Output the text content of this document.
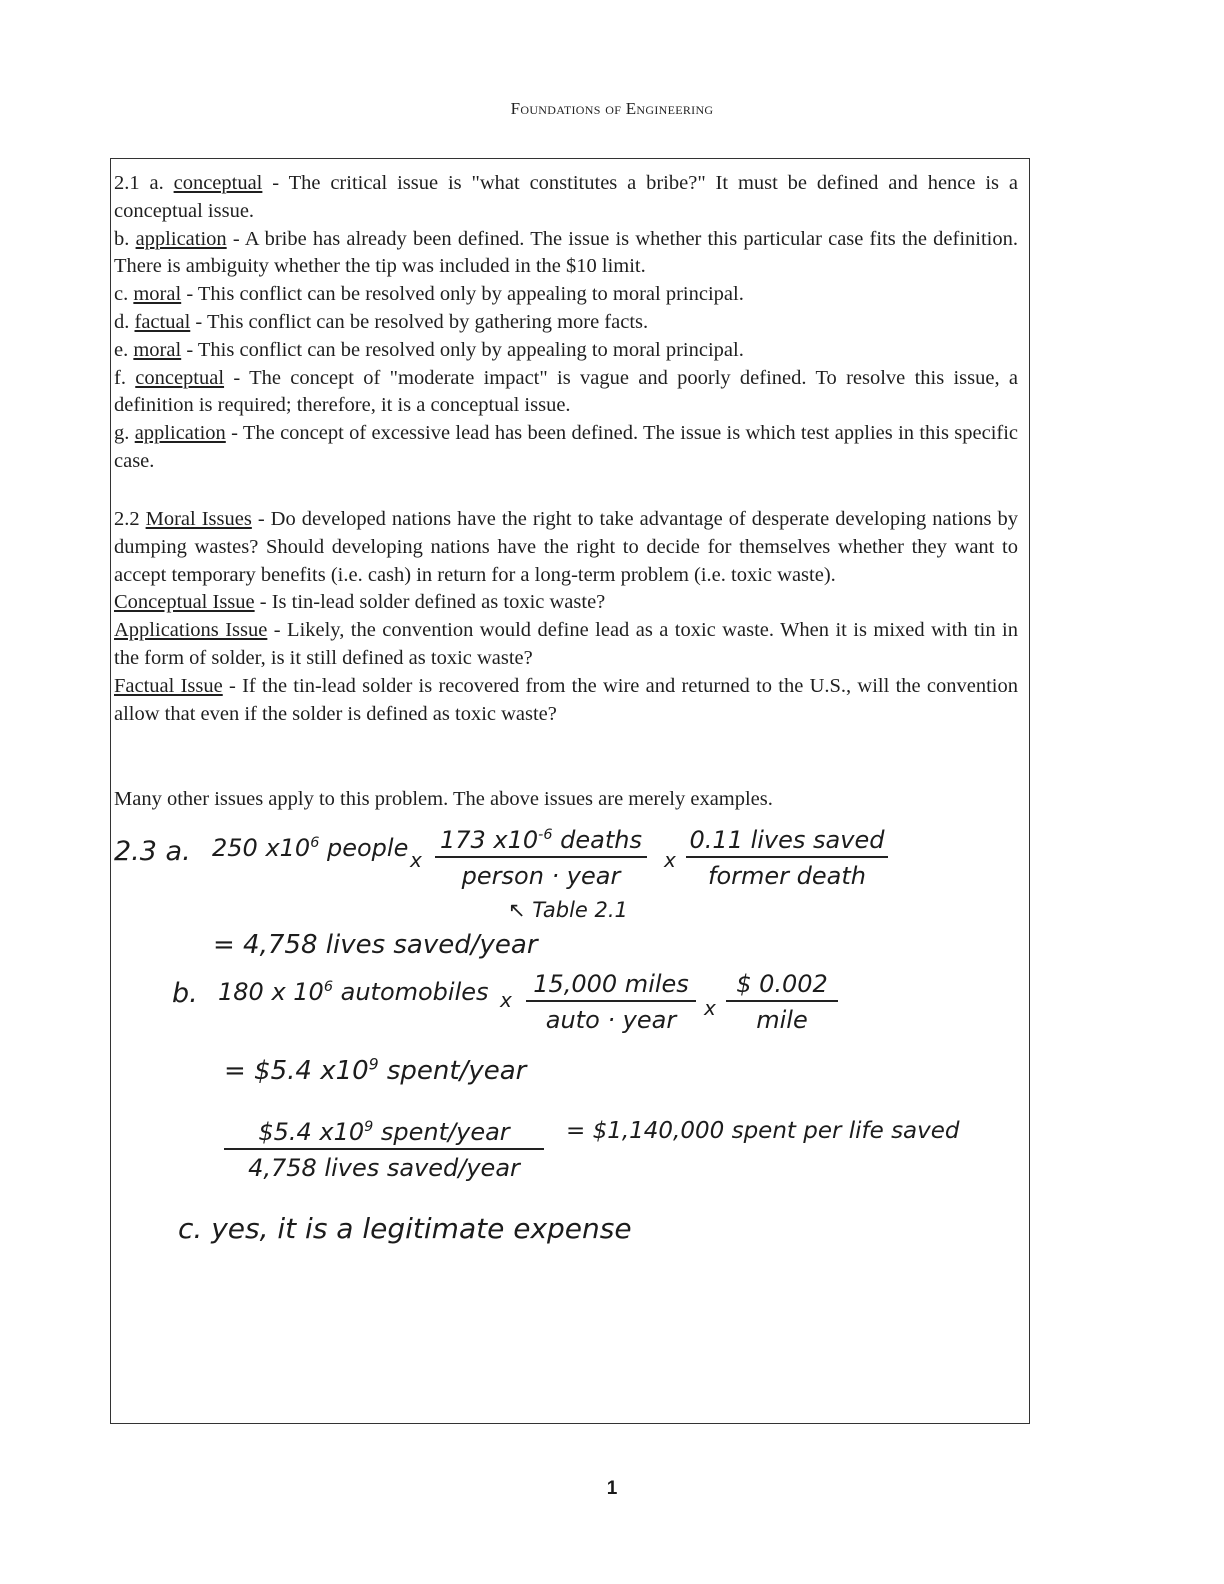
Foundations of Engineering

2.1 a. conceptual - The critical issue is "what constitutes a bribe?" It must be defined and hence is a conceptual issue.

b. application - A bribe has already been defined. The issue is whether this particular case fits the definition. There is ambiguity whether the tip was included in the $10 limit.

c. moral - This conflict can be resolved only by appealing to moral principal.

d. factual - This conflict can be resolved by gathering more facts.

e. moral - This conflict can be resolved only by appealing to moral principal.

f. conceptual - The concept of "moderate impact" is vague and poorly defined. To resolve this issue, a definition is required; therefore, it is a conceptual issue.

g. application - The concept of excessive lead has been defined. The issue is which test applies in this specific case.

2.2 Moral Issues - Do developed nations have the right to take advantage of desperate developing nations by dumping wastes? Should developing nations have the right to decide for themselves whether they want to accept temporary benefits (i.e. cash) in return for a long-term problem (i.e. toxic waste).

Conceptual Issue - Is tin-lead solder defined as toxic waste?

Applications Issue - Likely, the convention would define lead as a toxic waste. When it is mixed with tin in the form of solder, is it still defined as toxic waste?

Factual Issue - If the tin-lead solder is recovered from the wire and returned to the U.S., will the convention allow that even if the solder is defined as toxic waste?

Many other issues apply to this problem. The above issues are merely examples.

2.3 a. 250 $x10^6$ people x
173 $x10^{-6}$ deaths
person · year
x
0.11 lives saved
former death
↖ Table 2.1
= 4,758 lives saved/year
b. 180 x $10^6$ automobiles x
15,000 miles
auto · year	x
$ 0.002
mile
= $5.4 $x10^9$ spent/year
$5.4 $x10^9$ spent/year
4,758 lives saved/year
= $1,140,000 spent per life saved
c. yes, it is a legitimate expense
1
